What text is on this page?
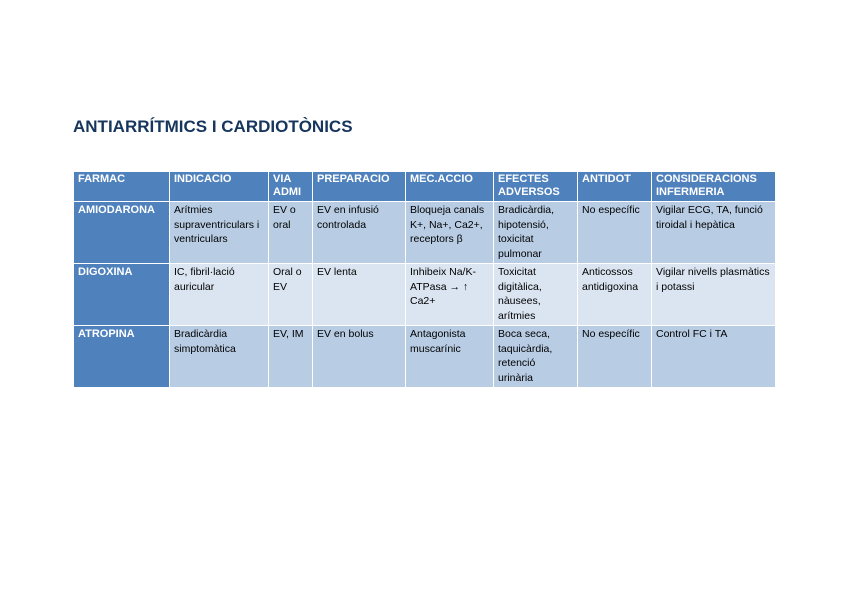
ANTIARRÍTMICS I CARDIOTÒNICS
FARMAC	INDICACIO	VIA ADMI	PREPARACIO	MEC.ACCIO	EFECTES ADVERSOS	ANTIDOT	CONSIDERACIONS INFERMERIA
AMIODARONA	Arítmies supraventriculars i ventriculars	EV o oral	EV en infusió controlada	Bloqueja canals K+, Na+, Ca2+, receptors β	Bradicàrdia, hipotensió, toxicitat pulmonar	No específic	Vigilar ECG, TA, funció tiroidal i hepàtica
DIGOXINA	IC, fibril·lació auricular	Oral o EV	EV lenta	Inhibeix Na/K-ATPasa → ↑ Ca2+	Toxicitat digitàlica, nàusees, arítmies	Anticossos antidigoxina	Vigilar nivells plasmàtics i potassi
ATROPINA	Bradicàrdia simptomàtica	EV, IM	EV en bolus	Antagonista muscarínic	Boca seca, taquicàrdia, retenció urinària	No específic	Control FC i TA
